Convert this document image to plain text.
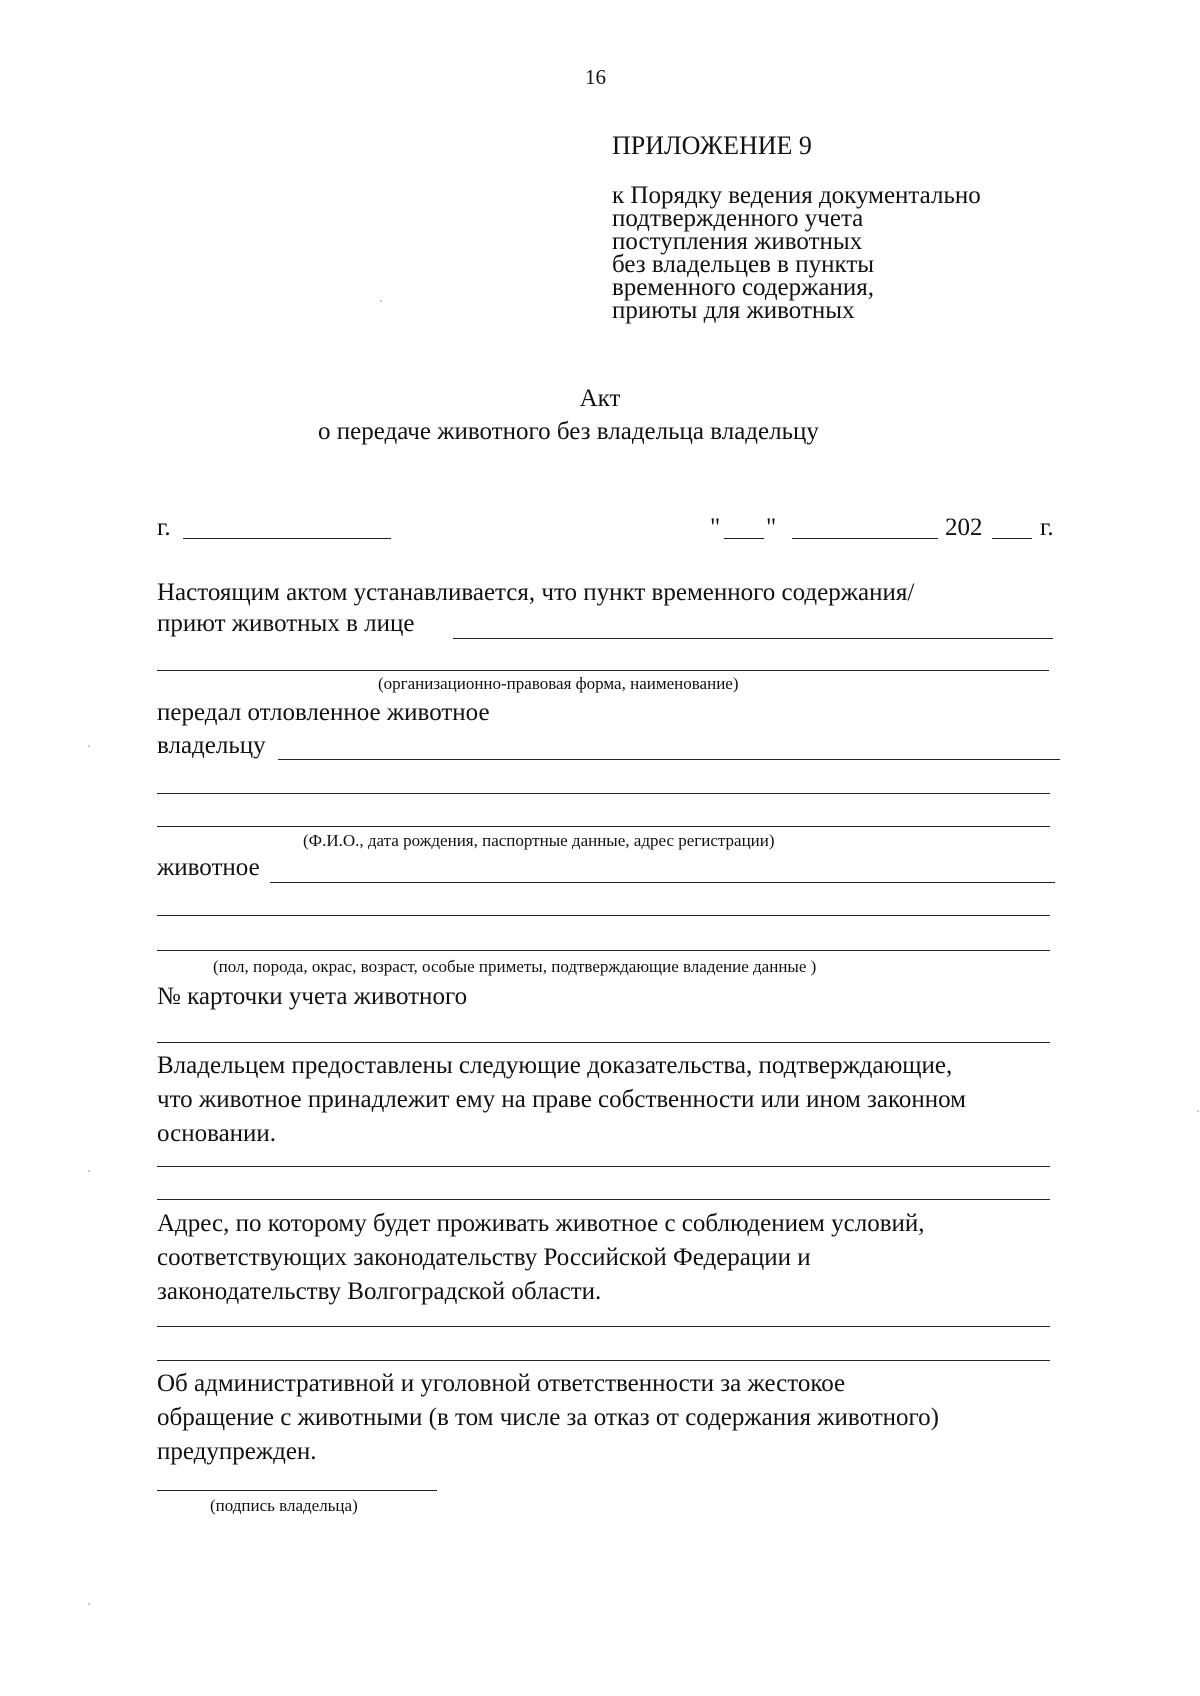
16
ПРИЛОЖЕНИЕ 9
к Порядку ведения документально
подтвержденного учета
поступления животных
без владельцев в пункты
временного содержания,
приюты для животных
Акт
о передаче животного без владельца владельцу
г.	" "	202 г.
Настоящим актом устанавливается, что пункт временного содержания/
приют животных в лице
(организационно-правовая форма, наименование)
передал отловленное животное
владельцу
(Ф.И.О., дата рождения, паспортные данные, адрес регистрации)
животное
(пол, порода, окрас, возраст, особые приметы, подтверждающие владение данные )
№ карточки учета животного
Владельцем предоставлены следующие доказательства, подтверждающие,
что животное принадлежит ему на праве собственности или ином законном
основании.
Адрес, по которому будет проживать животное с соблюдением условий,
соответствующих законодательству Российской Федерации и
законодательству Волгоградской области.
Об административной и уголовной ответственности за жестокое
обращение с животными (в том числе за отказ от содержания животного)
предупрежден.
(подпись владельца)
